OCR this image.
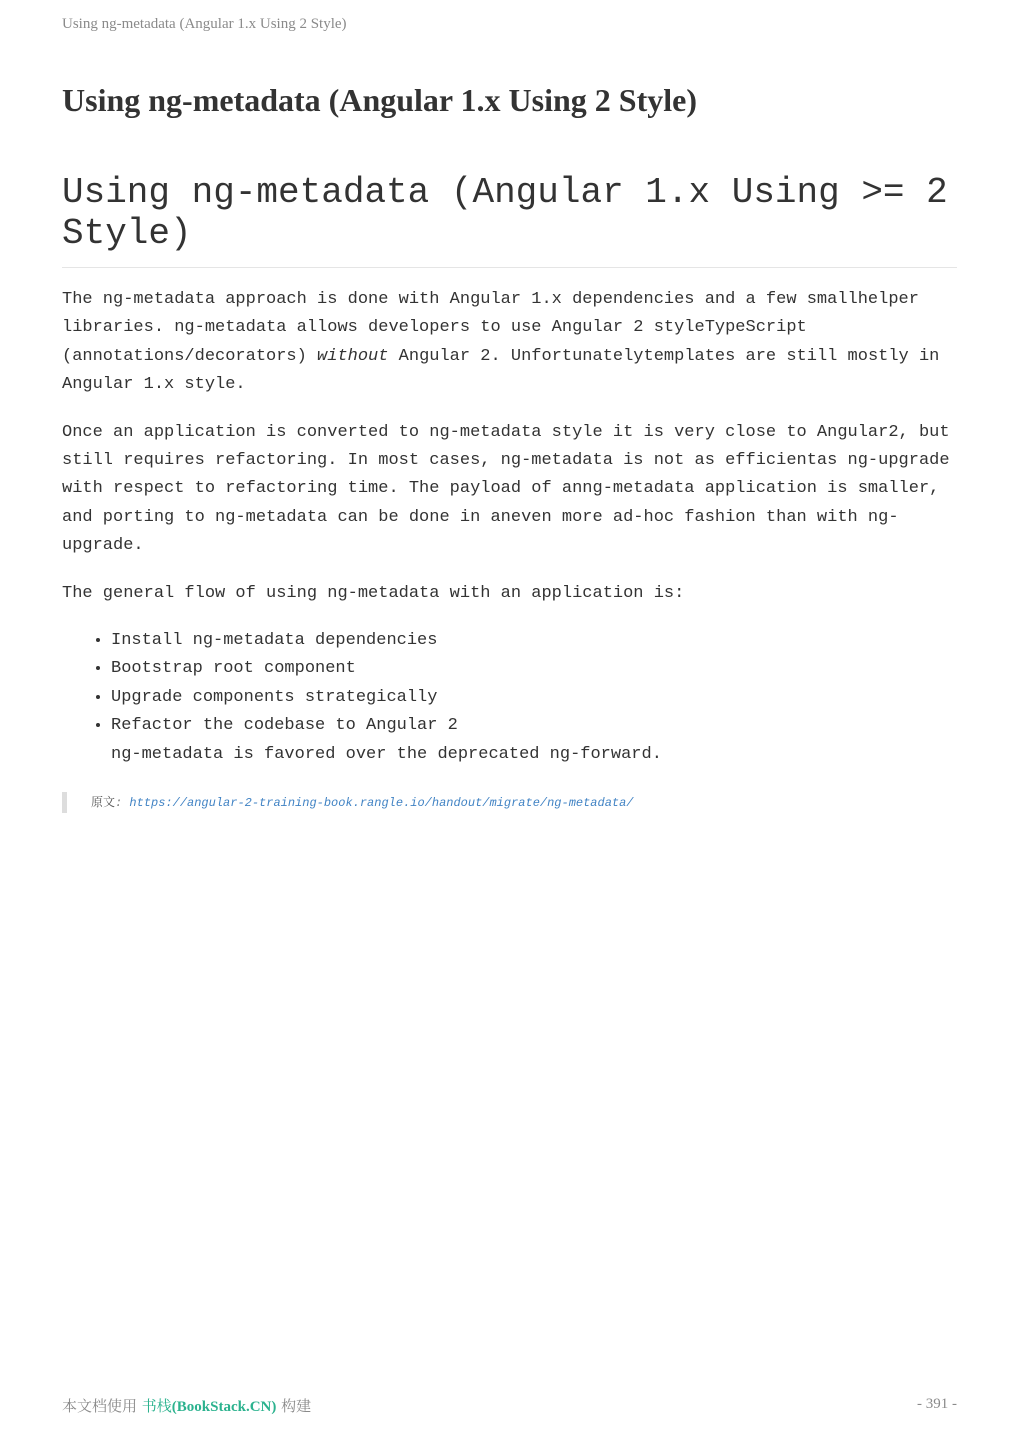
Using ng-metadata (Angular 1.x Using 2 Style)
Using ng-metadata (Angular 1.x Using 2 Style)
Using ng-metadata (Angular 1.x Using >= 2 Style)

The ng-metadata approach is done with Angular 1.x dependencies and a few smallhelper libraries. ng-metadata allows developers to use Angular 2 styleTypeScript (annotations/decorators) without Angular 2. Unfortunatelytemplates are still mostly in Angular 1.x style.

Once an application is converted to ng-metadata style it is very close to Angular2, but still requires refactoring. In most cases, ng-metadata is not as efficientas ng-upgrade with respect to refactoring time. The payload of anng-metadata application is smaller, and porting to ng-metadata can be done in aneven more ad-hoc fashion than with ng-upgrade.

The general flow of using ng-metadata with an application is:

• Install ng-metadata dependencies
• Bootstrap root component
• Upgrade components strategically
• Refactor the codebase to Angular 2
ng-metadata is favored over the deprecated ng-forward.
原文: https://angular-2-training-book.rangle.io/handout/migrate/ng-metadata/
本文档使用 书栈(BookStack.CN) 构建	- 391 -
